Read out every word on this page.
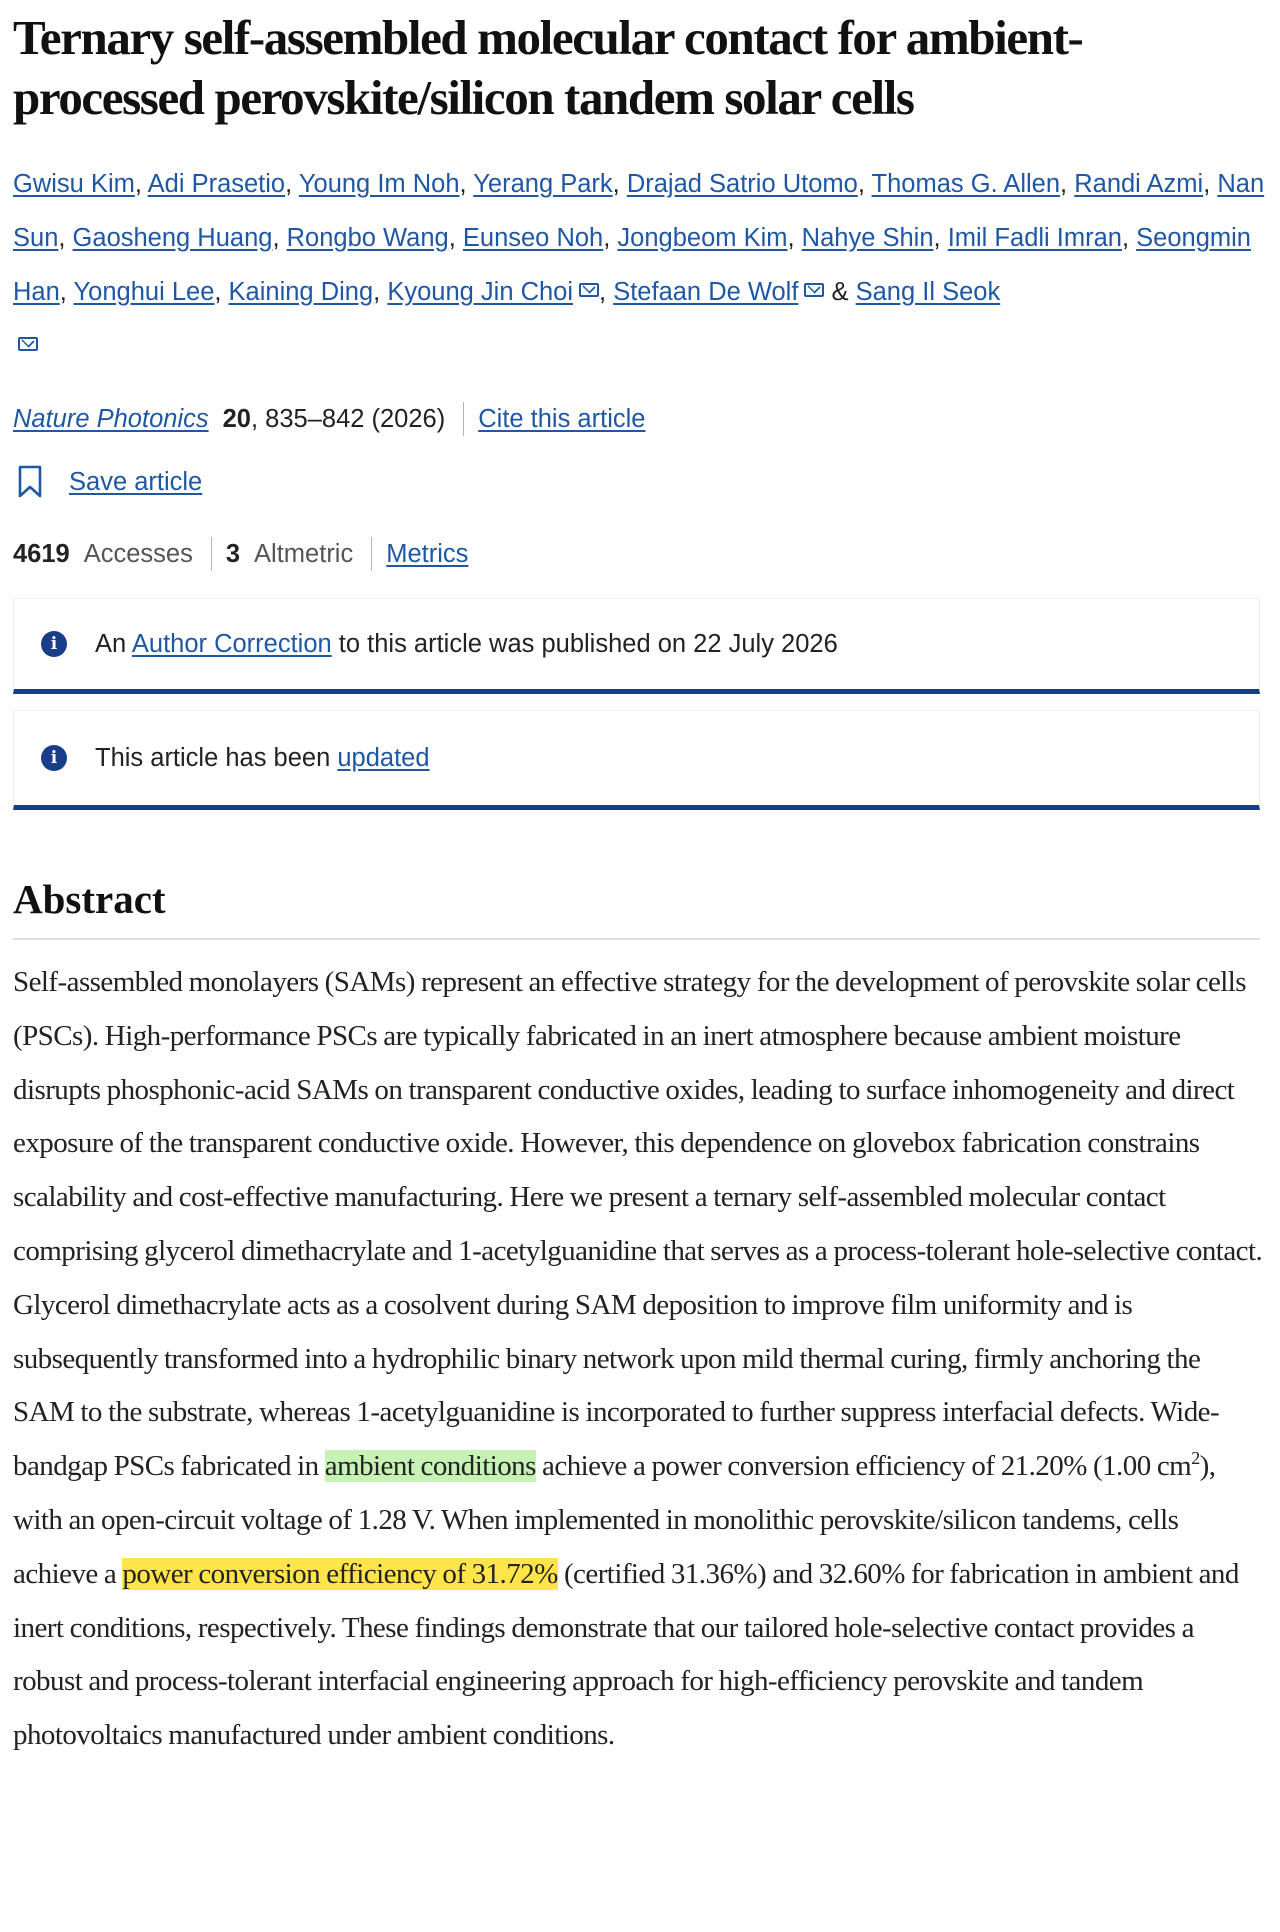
Ternary self-assembled molecular contact for ambient-processed perovskite/silicon tandem solar cells
Gwisu Kim, Adi Prasetio, Young Im Noh, Yerang Park, Drajad Satrio Utomo, Thomas G. Allen, Randi Azmi, Nan Sun, Gaosheng Huang, Rongbo Wang, Eunseo Noh, Jongbeom Kim, Nahye Shin, Imil Fadli Imran, Seongmin Han, Yonghui Lee, Kaining Ding, Kyoung Jin Choi , Stefaan De Wolf & Sang Il Seok

Nature Photonics 20 , 835–842 (2026) Cite this article
Save article
4619 Accesses 3 Altmetric Metrics
i	An Author Correction to this article was published on 22 July 2026
i	This article has been updated
Abstract

Self-assembled monolayers (SAMs) represent an effective strategy for the development of perovskite solar cells (PSCs). High-performance PSCs are typically fabricated in an inert atmosphere because ambient moisture disrupts phosphonic-acid SAMs on transparent conductive oxides, leading to surface inhomogeneity and direct exposure of the transparent conductive oxide. However, this dependence on glovebox fabrication constrains scalability and cost-effective manufacturing. Here we present a ternary self-assembled molecular contact comprising glycerol dimethacrylate and 1-acetylguanidine that serves as a process-tolerant hole-selective contact. Glycerol dimethacrylate acts as a cosolvent during SAM deposition to improve film uniformity and is subsequently transformed into a hydrophilic binary network upon mild thermal curing, firmly anchoring the SAM to the substrate, whereas 1-acetylguanidine is incorporated to further suppress interfacial defects. Wide-bandgap PSCs fabricated in ambient conditions achieve a power conversion efficiency of 21.20% (1.00 $cm^2$), with an open-circuit voltage of 1.28 V. When implemented in monolithic perovskite/silicon tandems, cells achieve a power conversion efficiency of 31.72% (certified 31.36%) and 32.60% for fabrication in ambient and inert conditions, respectively. These findings demonstrate that our tailored hole-selective contact provides a robust and process-tolerant interfacial engineering approach for high-efficiency perovskite and tandem photovoltaics manufactured under ambient conditions.
